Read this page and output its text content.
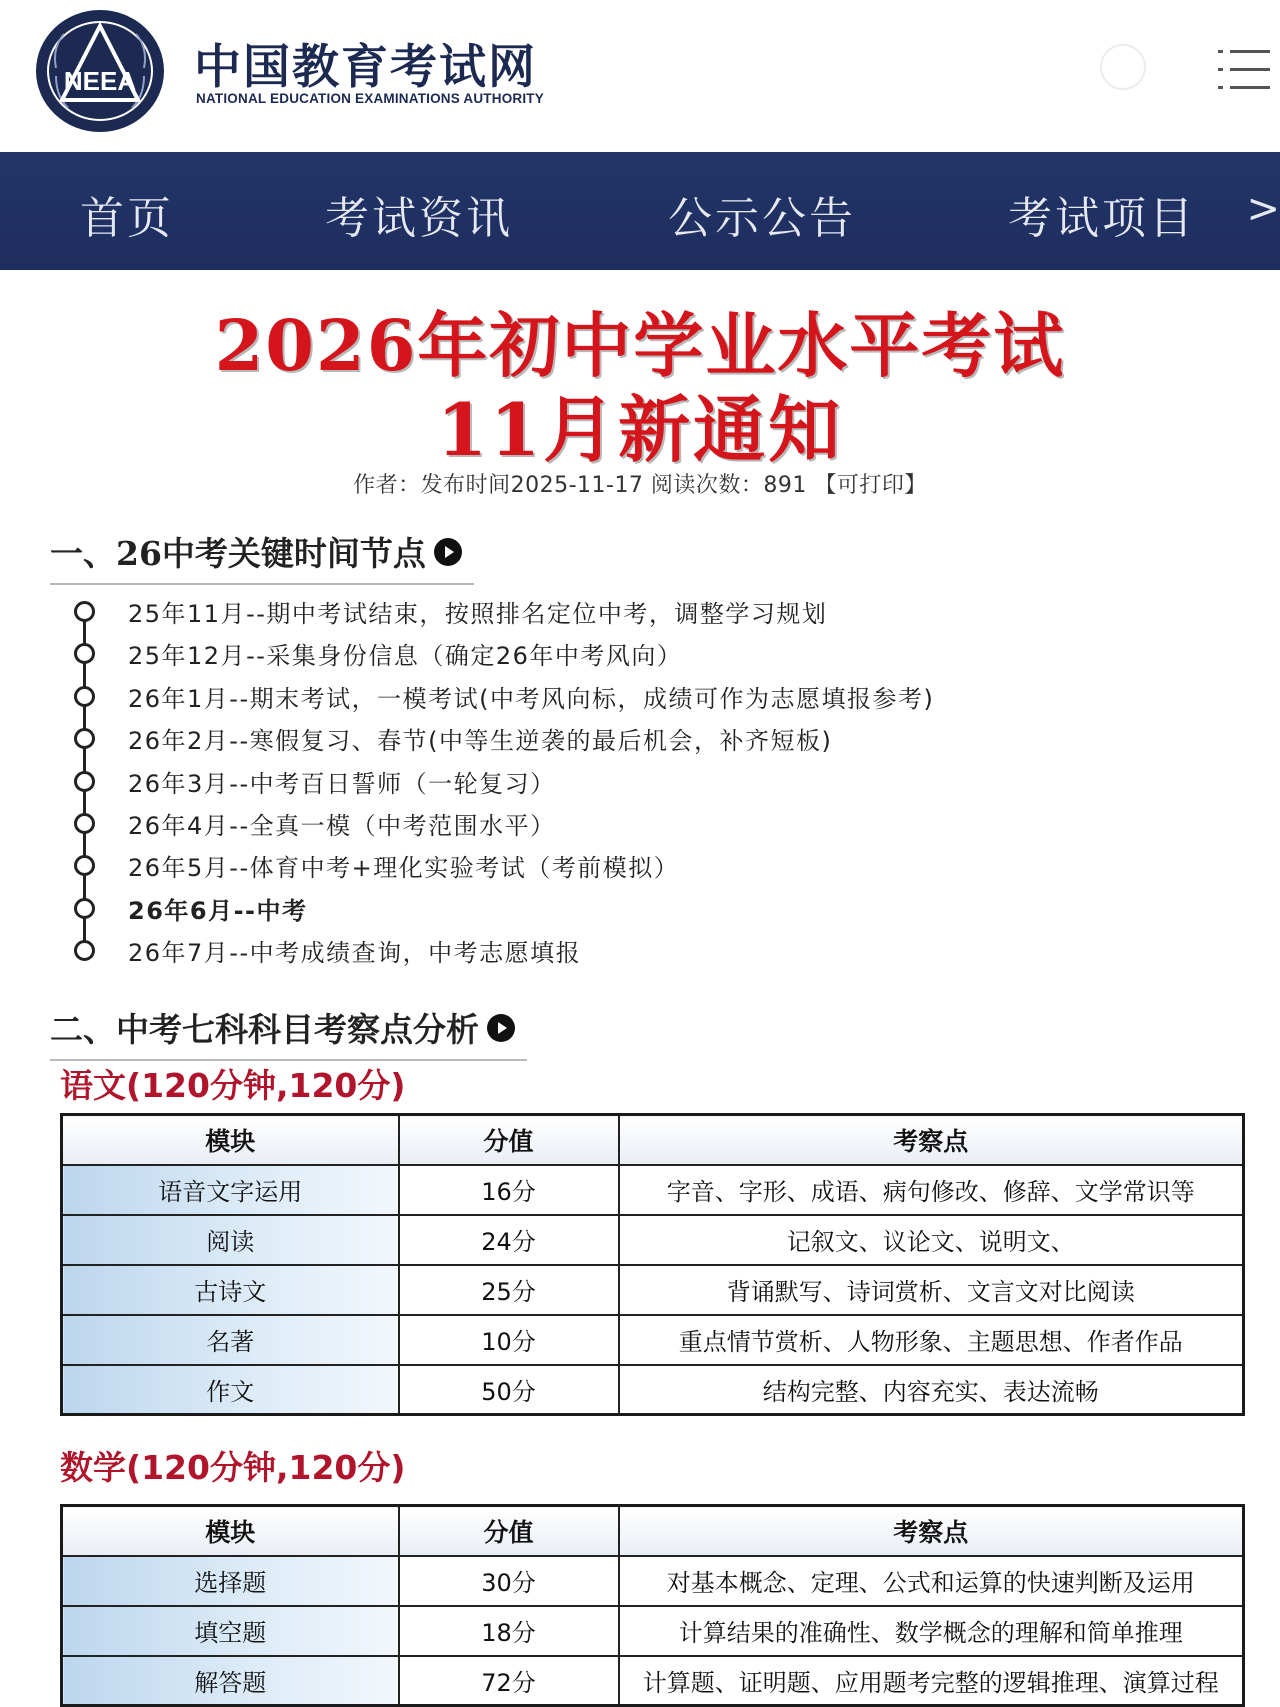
NEEA 中国教育考试网
NATIONAL EDUCATION EXAMINATIONS AUTHORITY
首页	考试资讯	公示公告	考试项目 >
2026年初中学业水平考试
11月新通知
作者：发布时间2025-11-17 阅读次数：891 【可打印】
一、26中考关键时间节点
25年11月--期中考试结束，按照排名定位中考，调整学习规划
25年12月--采集身份信息（确定26年中考风向）
26年1月--期末考试，一模考试(中考风向标，成绩可作为志愿填报参考)
26年2月--寒假复习、春节(中等生逆袭的最后机会，补齐短板)
26年3月--中考百日誓师（一轮复习）
26年4月--全真一模（中考范围水平）
26年5月--体育中考+理化实验考试（考前模拟）
26年6月--中考
26年7月--中考成绩查询，中考志愿填报
二、中考七科科目考察点分析
语文(120分钟,120分)
模块	分值	考察点
语音文字运用	16分	字音、字形、成语、病句修改、修辞、文学常识等
阅读	24分	记叙文、议论文、说明文、
古诗文	25分	背诵默写、诗词赏析、文言文对比阅读
名著	10分	重点情节赏析、人物形象、主题思想、作者作品
作文	50分	结构完整、内容充实、表达流畅
数学(120分钟,120分)
模块	分值	考察点
选择题	30分	对基本概念、定理、公式和运算的快速判断及运用
填空题	18分	计算结果的准确性、数学概念的理解和简单推理
解答题	72分	计算题、证明题、应用题考完整的逻辑推理、演算过程
